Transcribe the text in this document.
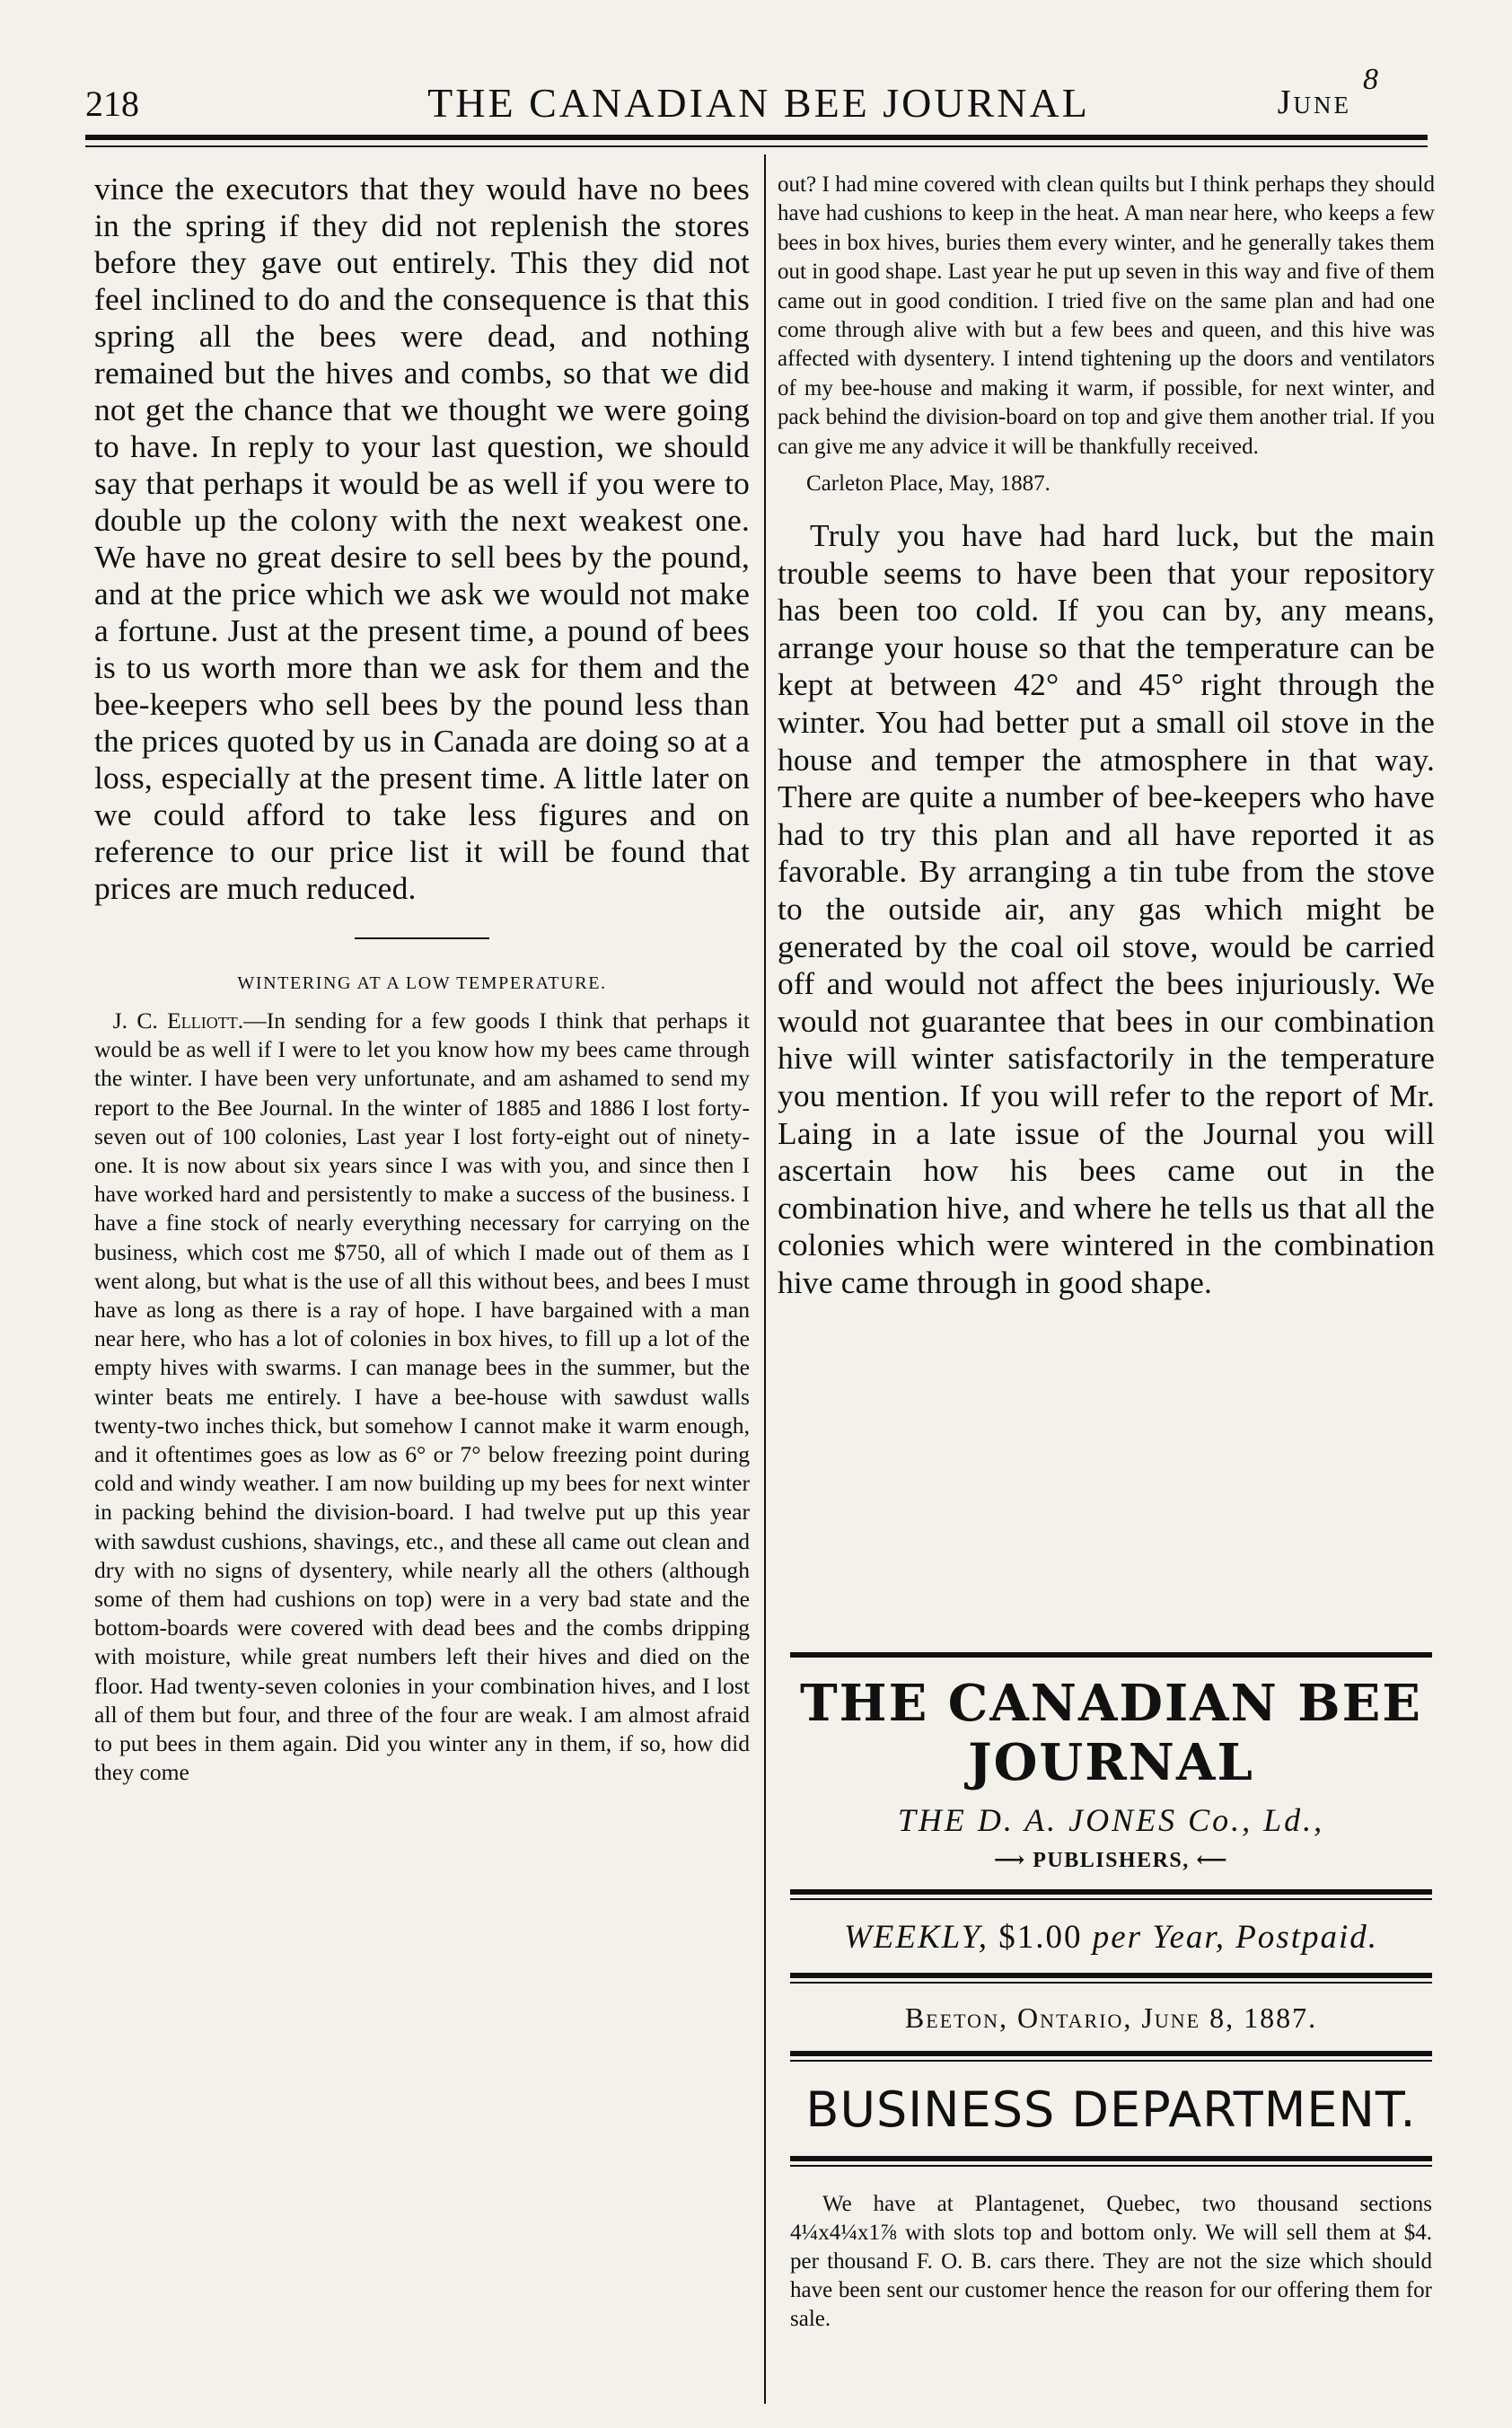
218	THE CANADIAN BEE JOURNAL	June
8

vince the executors that they would have no bees in the spring if they did not replenish the stores before they gave out entirely. This they did not feel inclined to do and the consequence is that this spring all the bees were dead, and nothing remained but the hives and combs, so that we did not get the chance that we thought we were going to have. In reply to your last question, we should say that perhaps it would be as well if you were to double up the colony with the next weakest one. We have no great desire to sell bees by the pound, and at the price which we ask we would not make a fortune. Just at the present time, a pound of bees is to us worth more than we ask for them and the bee-keepers who sell bees by the pound less than the prices quoted by us in Canada are doing so at a loss, especially at the present time. A little later on we could afford to take less figures and on reference to our price list it will be found that prices are much reduced.

WINTERING AT A LOW TEMPERATURE.

J. C. Elliott.—In sending for a few goods I think that perhaps it would be as well if I were to let you know how my bees came through the winter. I have been very unfortunate, and am ashamed to send my report to the Bee Journal. In the winter of 1885 and 1886 I lost forty-seven out of 100 colonies, Last year I lost forty-eight out of ninety-one. It is now about six years since I was with you, and since then I have worked hard and persistently to make a success of the business. I have a fine stock of nearly everything necessary for carrying on the business, which cost me $750, all of which I made out of them as I went along, but what is the use of all this without bees, and bees I must have as long as there is a ray of hope. I have bargained with a man near here, who has a lot of colonies in box hives, to fill up a lot of the empty hives with swarms. I can manage bees in the summer, but the winter beats me entirely. I have a bee-house with sawdust walls twenty-two inches thick, but somehow I cannot make it warm enough, and it oftentimes goes as low as 6° or 7° below freezing point during cold and windy weather. I am now building up my bees for next winter in packing behind the division-board. I had twelve put up this year with sawdust cushions, shavings, etc., and these all came out clean and dry with no signs of dysentery, while nearly all the others (although some of them had cushions on top) were in a very bad state and the bottom-boards were covered with dead bees and the combs dripping with moisture, while great numbers left their hives and died on the floor. Had twenty-seven colonies in your combination hives, and I lost all of them but four, and three of the four are weak. I am almost afraid to put bees in them again. Did you winter any in them, if so, how did they come

out? I had mine covered with clean quilts but I think perhaps they should have had cushions to keep in the heat. A man near here, who keeps a few bees in box hives, buries them every winter, and he generally takes them out in good shape. Last year he put up seven in this way and five of them came out in good condition. I tried five on the same plan and had one come through alive with but a few bees and queen, and this hive was affected with dysentery. I intend tightening up the doors and ventilators of my bee-house and making it warm, if possible, for next winter, and pack behind the division-board on top and give them another trial. If you can give me any advice it will be thankfully received.

Carleton Place, May, 1887.

Truly you have had hard luck, but the main trouble seems to have been that your repository has been too cold. If you can by, any means, arrange your house so that the temperature can be kept at between 42° and 45° right through the winter. You had better put a small oil stove in the house and temper the atmosphere in that way. There are quite a number of bee-keepers who have had to try this plan and all have reported it as favorable. By arranging a tin tube from the stove to the outside air, any gas which might be generated by the coal oil stove, would be carried off and would not affect the bees injuriously. We would not guarantee that bees in our combination hive will winter satisfactorily in the temperature you mention. If you will refer to the report of Mr. Laing in a late issue of the Journal you will ascertain how his bees came out in the combination hive, and where he tells us that all the colonies which were wintered in the combination hive came through in good shape.

THE CANADIAN BEE JOURNAL
THE D. A. JONES Co., Ld.,
⟶ PUBLISHERS, ⟵
WEEKLY, $1.00 per Year, Postpaid.
Beeton, Ontario, June 8, 1887.
BUSINESS DEPARTMENT.

We have at Plantagenet, Quebec, two thousand sections 4¼x4¼x1⅞ with slots top and bottom only. We will sell them at $4. per thousand F. O. B. cars there. They are not the size which should have been sent our customer hence the reason for our offering them for sale.
